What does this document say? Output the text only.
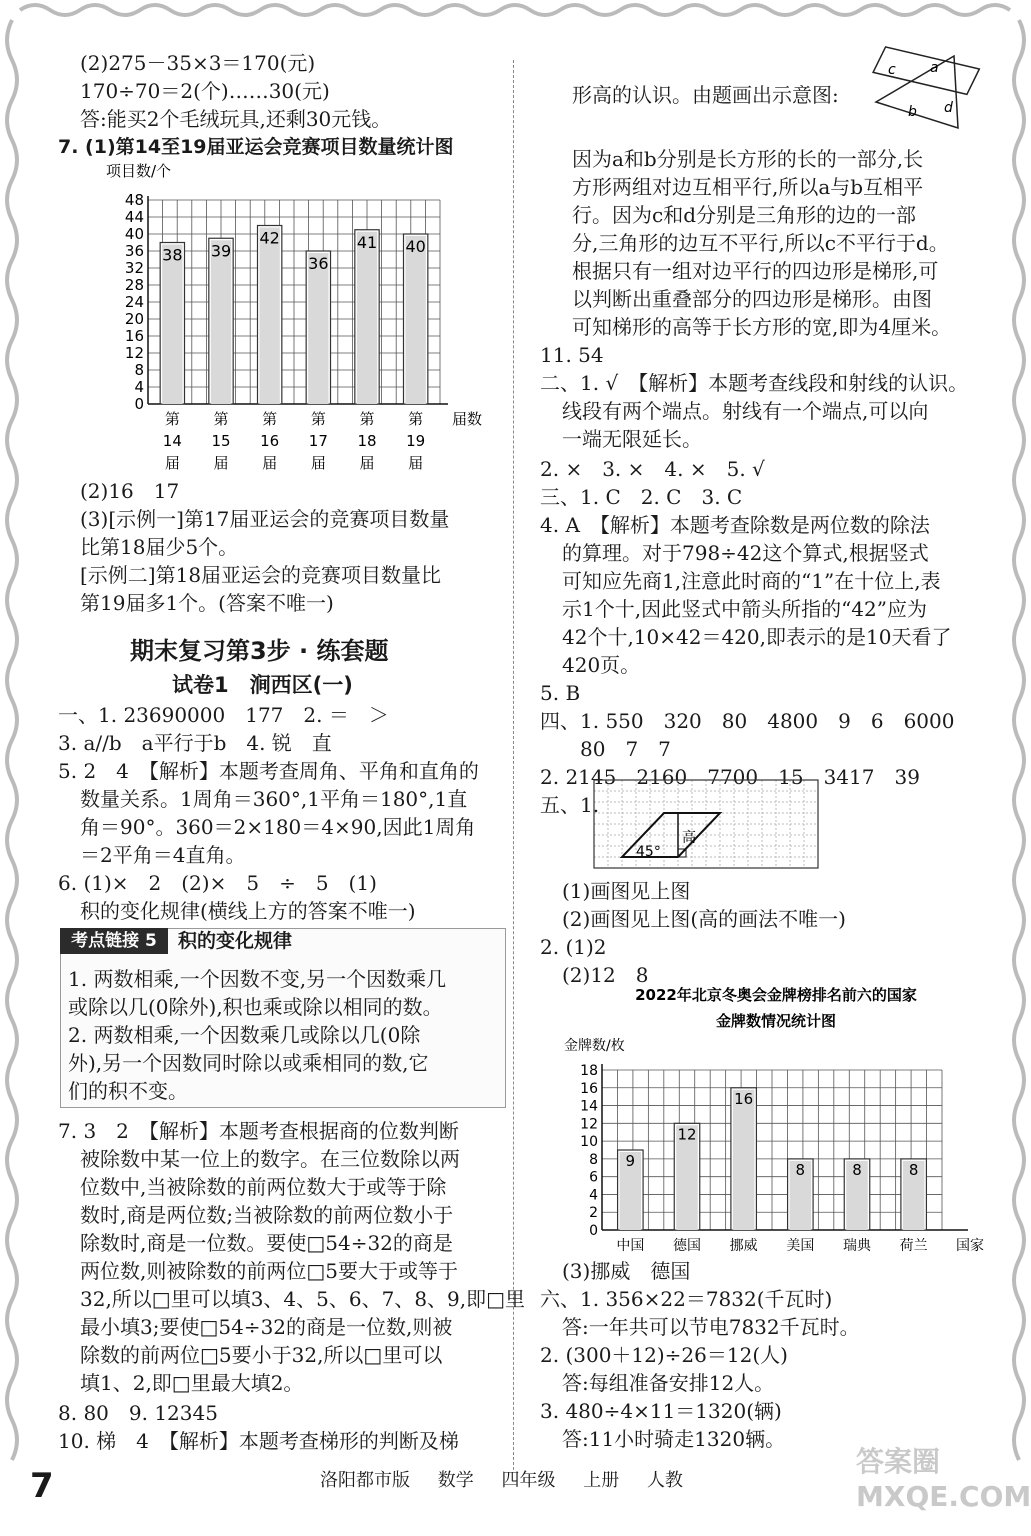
(2)275－35×3＝170(元)
170÷70＝2(个)……30(元)
答:能买2个毛绒玩具,还剩30元钱。
7. (1)第14至19届亚运会竞赛项目数量统计图
项目数/个
0
4
8
12
16
20
24
28
32
36
40
44
48
38
第
14
届
39
第
15
届
42
第
16
届
36
第
17
届
41
第
18
届
40
第
19
届
届数
(2)16　17
(3)[示例一]第17届亚运会的竞赛项目数量
比第18届少5个。
[示例二]第18届亚运会的竞赛项目数量比
第19届多1个。(答案不唯一)
期末复习第3步 · 练套题
试卷1　涧西区(一)
一、1. 23690000　177　2. ＝　＞
3. a//b　a平行于b　4. 锐　直
5. 2　4　【解析】本题考查周角、平角和直角的
数量关系。1周角＝360°,1平角＝180°,1直
角＝90°。360＝2×180＝4×90,因此1周角
＝2平角＝4直角。
6. (1)×　2　(2)×　5　÷　5　(1)
积的变化规律(横线上方的答案不唯一)
考点链接 5	积的变化规律
1. 两数相乘,一个因数不变,另一个因数乘几
或除以几(0除外),积也乘或除以相同的数。
2. 两数相乘,一个因数乘几或除以几(0除
外),另一个因数同时除以或乘相同的数,它
们的积不变。
7. 3　2　【解析】本题考查根据商的位数判断
被除数中某一位上的数字。在三位数除以两
位数中,当被除数的前两位数大于或等于除
数时,商是两位数;当被除数的前两位数小于
除数时,商是一位数。要使□54÷32的商是
两位数,则被除数的前两位□5要大于或等于
32,所以□里可以填3、4、5、6、7、8、9,即□里
最小填3;要使□54÷32的商是一位数,则被
除数的前两位□5要小于32,所以□里可以
填1、2,即□里最大填2。
8. 80　9. 12345
10. 梯　4　【解析】本题考查梯形的判断及梯
形高的认识。由题画出示意图:
c a
b d
因为a和b分别是长方形的长的一部分,长
方形两组对边互相平行,所以a与b互相平
行。因为c和d分别是三角形的边的一部
分,三角形的边互不平行,所以c不平行于d。
根据只有一组对边平行的四边形是梯形,可
以判断出重叠部分的四边形是梯形。由图
可知梯形的高等于长方形的宽,即为4厘米。
11. 54
二、1. √　【解析】本题考查线段和射线的认识。
线段有两个端点。射线有一个端点,可以向
一端无限延长。
2. ×　3. ×　4. ×　5. √
三、1. C　2. C　3. C
4. A　【解析】本题考查除数是两位数的除法
的算理。对于798÷42这个算式,根据竖式
可知应先商1,注意此时商的“1”在十位上,表
示1个十,因此竖式中箭头所指的“42”应为
42个十,10×42＝420,即表示的是10天看了
420页。
5. B
四、1. 550　320　80　4800　9　6　6000
80　7　7
2. 2145　2160　7700　15　3417　39
五、1.
45°
高
(1)画图见上图
(2)画图见上图(高的画法不唯一)
2. (1)2
(2)12　8
2022年北京冬奥会金牌榜排名前六的国家
金牌数情况统计图
金牌数/枚
0
2
4
6
8
10
12
14
16
18
9
中国
12
德国
16
挪威
8
美国
8
瑞典
8
荷兰 国家
(3)挪威　德国
六、1. 356×22＝7832(千瓦时)
答:一年共可以节电7832千瓦时。
2. (300＋12)÷26＝12(人)
答:每组准备安排12人。
3. 480÷4×11＝1320(辆)
答:11小时骑走1320辆。
7	洛阳都市版 数学 四年级 上册 人教
答案圈 MXQE.COM
